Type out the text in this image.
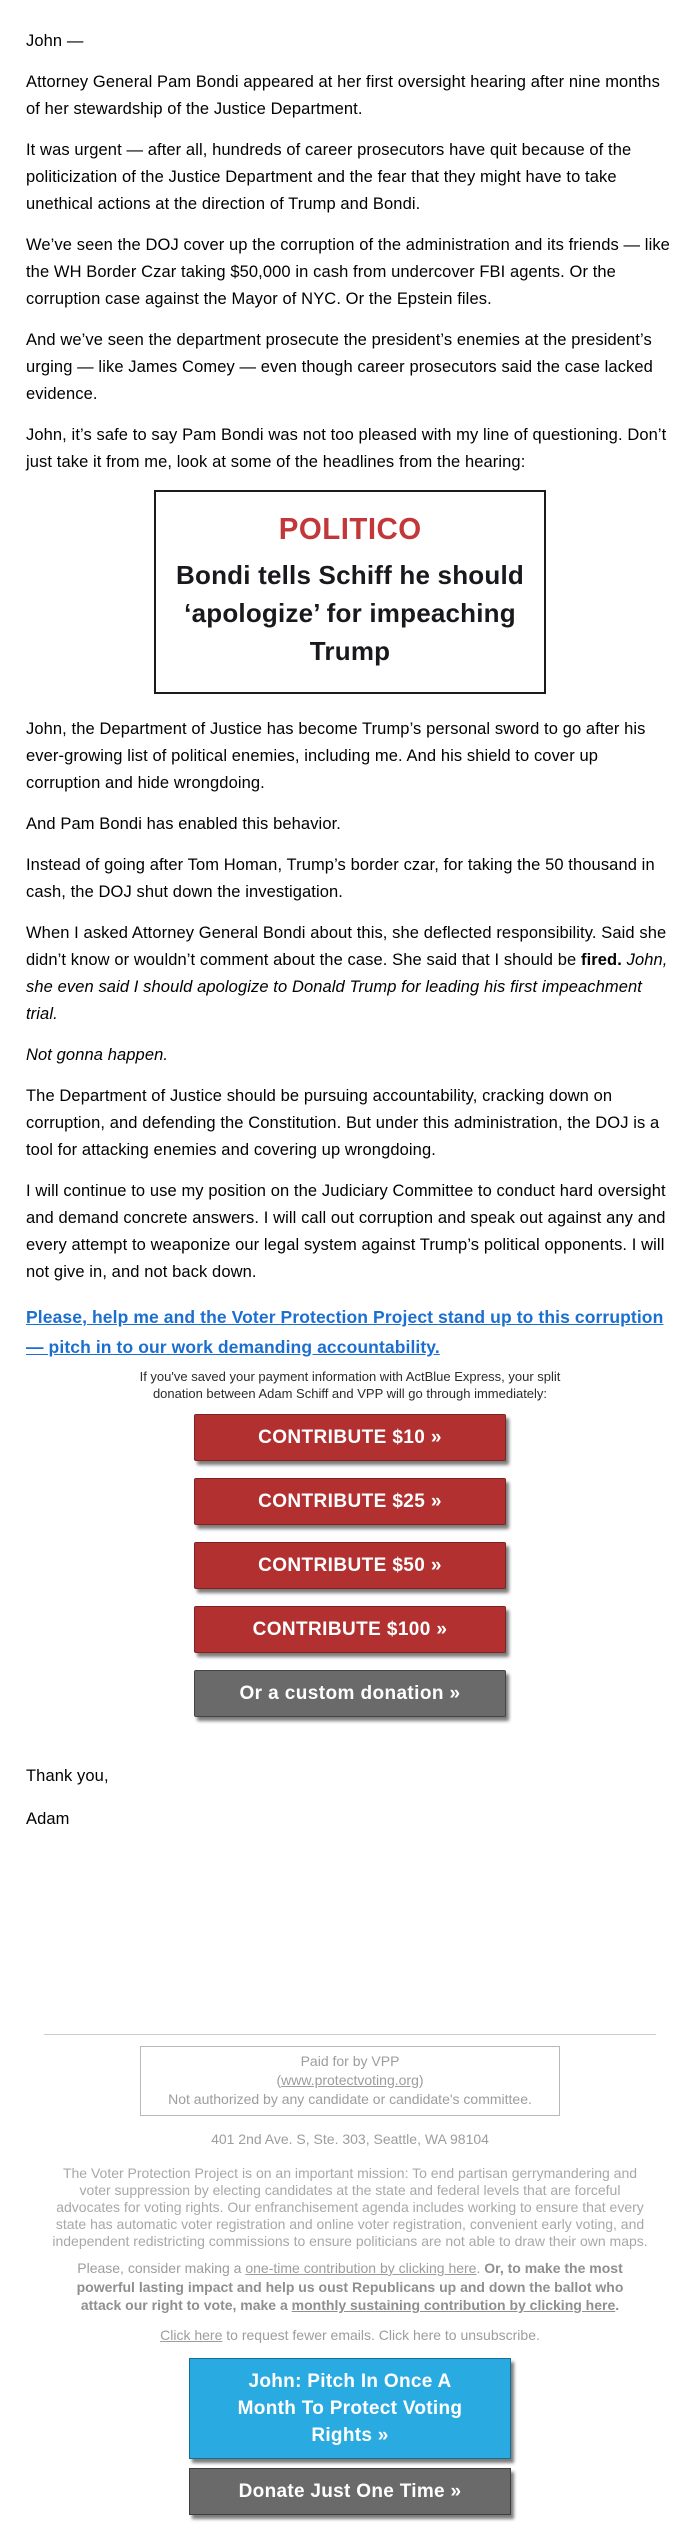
John —

Attorney General Pam Bondi appeared at her first oversight hearing after nine months of her stewardship of the Justice Department.

It was urgent — after all, hundreds of career prosecutors have quit because of the politicization of the Justice Department and the fear that they might have to take unethical actions at the direction of Trump and Bondi.

We’ve seen the DOJ cover up the corruption of the administration and its friends — like the WH Border Czar taking $50,000 in cash from undercover FBI agents. Or the corruption case against the Mayor of NYC. Or the Epstein files.

And we’ve seen the department prosecute the president’s enemies at the president’s urging — like James Comey — even though career prosecutors said the case lacked evidence.

John, it’s safe to say Pam Bondi was not too pleased with my line of questioning. Don’t just take it from me, look at some of the headlines from the hearing:

POLITICO
Bondi tells Schiff he should ‘apologize’ for impeaching Trump

John, the Department of Justice has become Trump’s personal sword to go after his ever-growing list of political enemies, including me. And his shield to cover up corruption and hide wrongdoing.

And Pam Bondi has enabled this behavior.

Instead of going after Tom Homan, Trump’s border czar, for taking the 50 thousand in cash, the DOJ shut down the investigation.

When I asked Attorney General Bondi about this, she deflected responsibility. Said she didn’t know or wouldn’t comment about the case. She said that I should be fired. John, she even said I should apologize to Donald Trump for leading his first impeachment trial.

Not gonna happen.

The Department of Justice should be pursuing accountability, cracking down on corruption, and defending the Constitution. But under this administration, the DOJ is a tool for attacking enemies and covering up wrongdoing.

I will continue to use my position on the Judiciary Committee to conduct hard oversight and demand concrete answers. I will call out corruption and speak out against any and every attempt to weaponize our legal system against Trump’s political opponents. I will not give in, and not back down.

Please, help me and the Voter Protection Project stand up to this corruption — pitch in to our work demanding accountability.

If you've saved your payment information with ActBlue Express, your split donation between Adam Schiff and VPP will go through immediately:
CONTRIBUTE $10 »
CONTRIBUTE $25 »
CONTRIBUTE $50 »
CONTRIBUTE $100 »
Or a custom donation »

Thank you,

Adam

Paid for by VPP
(www.protectvoting.org)
Not authorized by any candidate or candidate's committee.

401 2nd Ave. S, Ste. 303, Seattle, WA 98104

The Voter Protection Project is on an important mission: To end partisan gerrymandering and voter suppression by electing candidates at the state and federal levels that are forceful advocates for voting rights. Our enfranchisement agenda includes working to ensure that every state has automatic voter registration and online voter registration, convenient early voting, and independent redistricting commissions to ensure politicians are not able to draw their own maps.
Please, consider making a one-time contribution by clicking here. Or, to make the most powerful lasting impact and help us oust Republicans up and down the ballot who attack our right to vote, make a monthly sustaining contribution by clicking here.

Click here to request fewer emails. Click here to unsubscribe.

John: Pitch In Once A Month To Protect Voting Rights »
Donate Just One Time »
